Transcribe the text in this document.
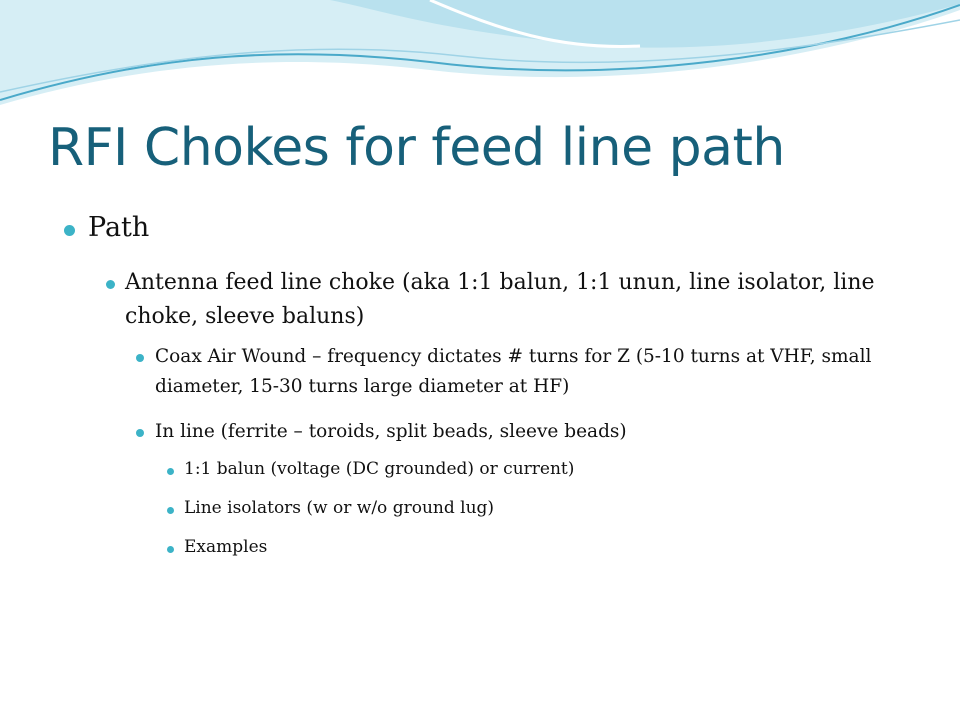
RFI Chokes for feed line path
Path
Antenna feed line choke (aka 1:1 balun, 1:1 unun, line isolator, line choke, sleeve baluns)
Coax Air Wound – frequency dictates # turns for Z (5-10 turns at VHF, small diameter, 15-30 turns large diameter at HF)
In line (ferrite – toroids, split beads, sleeve beads)
1:1 balun (voltage (DC grounded) or current)
Line isolators (w or w/o ground lug)
Examples
